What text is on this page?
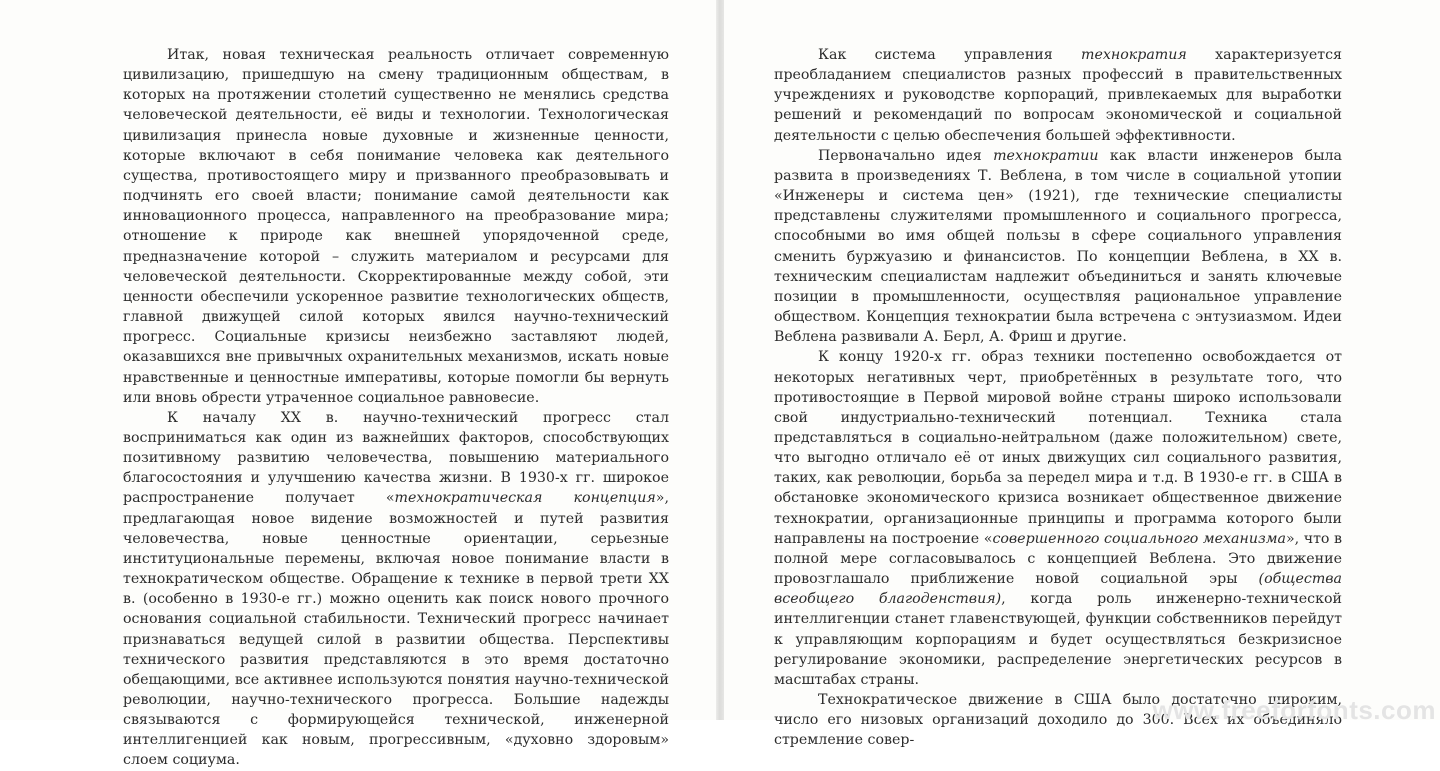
Итак, новая техническая реальность отличает современную цивилизацию, пришедшую на смену традиционным обществам, в которых на протяжении столетий существенно не менялись средства человеческой деятельности, её виды и технологии. Технологическая цивилизация принесла новые духовные и жизненные ценности, которые включают в себя понимание человека как деятельного существа, противостоящего миру и призванного преобразовывать и подчинять его своей власти; понимание самой деятельности как инновационного процесса, направленного на преобразование мира; отношение к природе как внешней упорядоченной среде, предназначение которой – служить материалом и ресурсами для человеческой деятельности. Скорректированные между собой, эти ценности обеспечили ускоренное развитие технологических обществ, главной движущей силой которых явился научно-технический прогресс. Социальные кризисы неизбежно заставляют людей, оказавшихся вне привычных охранительных механизмов, искать новые нравственные и ценностные императивы, которые помогли бы вернуть или вновь обрести утраченное социальное равновесие.

К началу XX в. научно-технический прогресс стал восприниматься как один из важнейших факторов, способствующих позитивному развитию человечества, повышению материального благосостояния и улучшению качества жизни. В 1930-х гг. широкое распространение получает «технократическая концепция», предлагающая новое видение возможностей и путей развития человечества, новые ценностные ориентации, серьезные институциональные перемены, включая новое понимание власти в технократическом обществе. Обращение к технике в первой трети XX в. (особенно в 1930-е гг.) можно оценить как поиск нового прочного основания социальной стабильности. Технический прогресс начинает признаваться ведущей силой в развитии общества. Перспективы технического развития представляются в это время достаточно обещающими, все активнее используются понятия научно-технической революции, научно-технического прогресса. Большие надежды связываются с формирующейся технической, инженерной интеллигенцией как новым, прогрессивным, «духовно здоровым» слоем социума.

Как система управления технократия характеризуется преобладанием специалистов разных профессий в правительственных учреждениях и руководстве корпораций, привлекаемых для выработки решений и рекомендаций по вопросам экономической и социальной деятельности с целью обеспечения большей эффективности.

Первоначально идея технократии как власти инженеров была развита в произведениях Т. Веблена, в том числе в социальной утопии «Инженеры и система цен» (1921), где технические специалисты представлены служителями промышленного и социального прогресса, способными во имя общей пользы в сфере социального управления сменить буржуазию и финансистов. По концепции Веблена, в XX в. техническим специалистам надлежит объединиться и занять ключевые позиции в промышленности, осуществляя рациональное управление обществом. Концепция технократии была встречена с энтузиазмом. Идеи Веблена развивали А. Берл, А. Фриш и другие.

К концу 1920-х гг. образ техники постепенно освобождается от некоторых негативных черт, приобретённых в результате того, что противостоящие в Первой мировой войне страны широко использовали свой индустриально-технический потенциал. Техника стала представляться в социально-нейтральном (даже положительном) свете, что выгодно отличало её от иных движущих сил социального развития, таких, как революции, борьба за передел мира и т.д. В 1930-е гг. в США в обстановке экономического кризиса возникает общественное движение технократии, организационные принципы и программа которого были направлены на построение «совершенного социального механизма», что в полной мере согласовывалось с концепцией Веблена. Это движение провозглашало приближение новой социальной эры (общества всеобщего благоденствия), когда роль инженерно-технической интеллигенции станет главенствующей, функции собственников перейдут к управляющим корпорациям и будет осуществляться безкризисное регулирование экономики, распределение энергетических ресурсов в масштабах страны.

Технократическое движение в США было достаточно широким, число его низовых организаций доходило до 300. Всех их объединяло стремление совер-

www.freeforfonts.com
